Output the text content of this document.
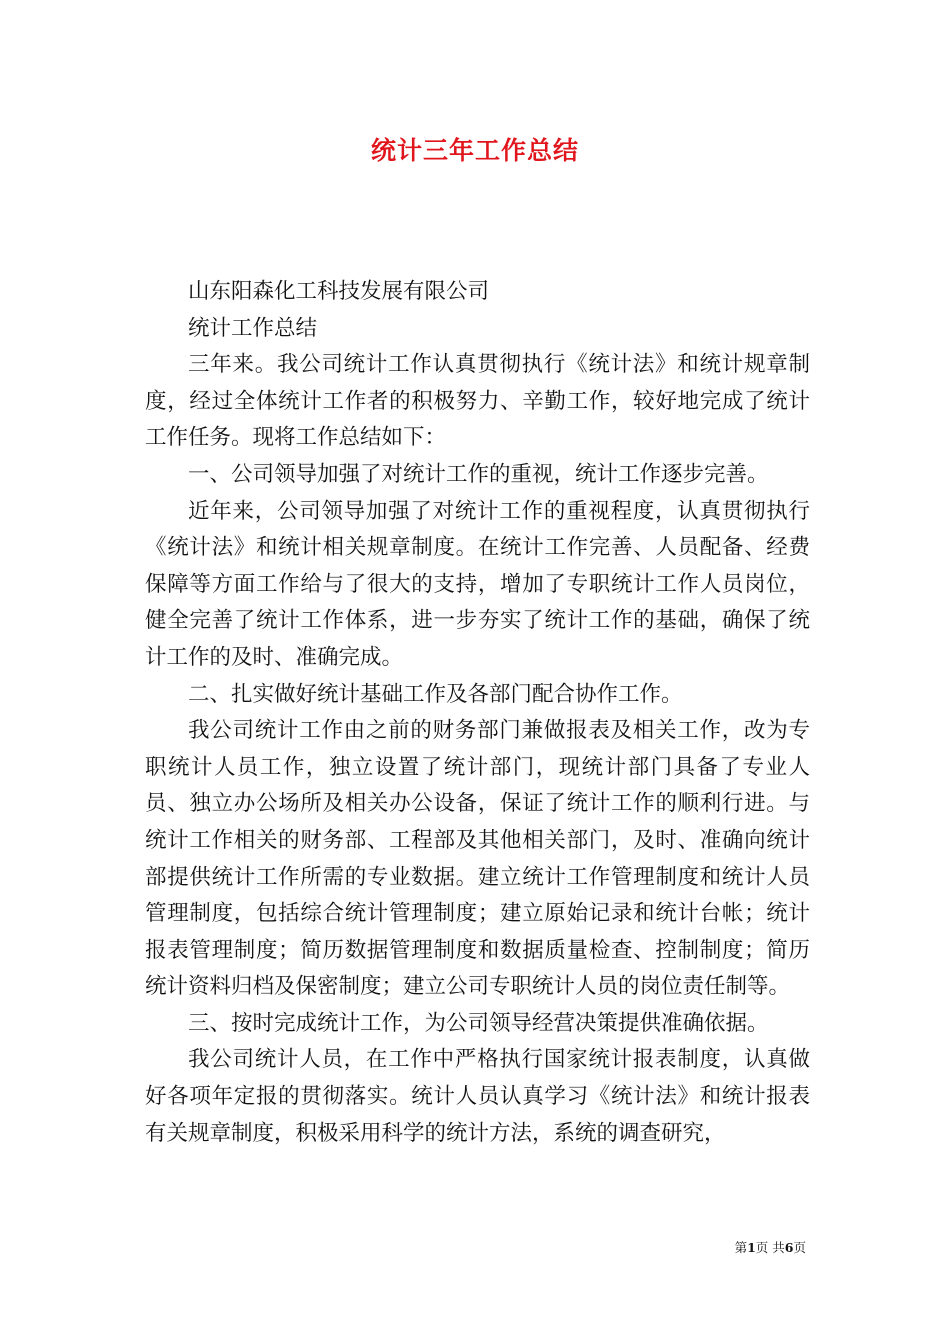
统计三年工作总结

山东阳森化工科技发展有限公司

统计工作总结

三年来。我公司统计工作认真贯彻执行《统计法》和统计规章制度，经过全体统计工作者的积极努力、辛勤工作，较好地完成了统计工作任务。现将工作总结如下：

一、公司领导加强了对统计工作的重视，统计工作逐步完善。

近年来，公司领导加强了对统计工作的重视程度，认真贯彻执行《统计法》和统计相关规章制度。在统计工作完善、人员配备、经费保障等方面工作给与了很大的支持，增加了专职统计工作人员岗位，健全完善了统计工作体系，进一步夯实了统计工作的基础，确保了统计工作的及时、准确完成。

二、扎实做好统计基础工作及各部门配合协作工作。

我公司统计工作由之前的财务部门兼做报表及相关工作，改为专职统计人员工作，独立设置了统计部门，现统计部门具备了专业人员、独立办公场所及相关办公设备，保证了统计工作的顺利行进。与统计工作相关的财务部、工程部及其他相关部门，及时、准确向统计部提供统计工作所需的专业数据。建立统计工作管理制度和统计人员管理制度，包括综合统计管理制度；建立原始记录和统计台帐；统计报表管理制度；简历数据管理制度和数据质量检查、控制制度；简历统计资料归档及保密制度；建立公司专职统计人员的岗位责任制等。

三、按时完成统计工作，为公司领导经营决策提供准确依据。

我公司统计人员，在工作中严格执行国家统计报表制度，认真做好各项年定报的贯彻落实。统计人员认真学习《统计法》和统计报表有关规章制度，积极采用科学的统计方法，系统的调查研究，

第1页 共6页
